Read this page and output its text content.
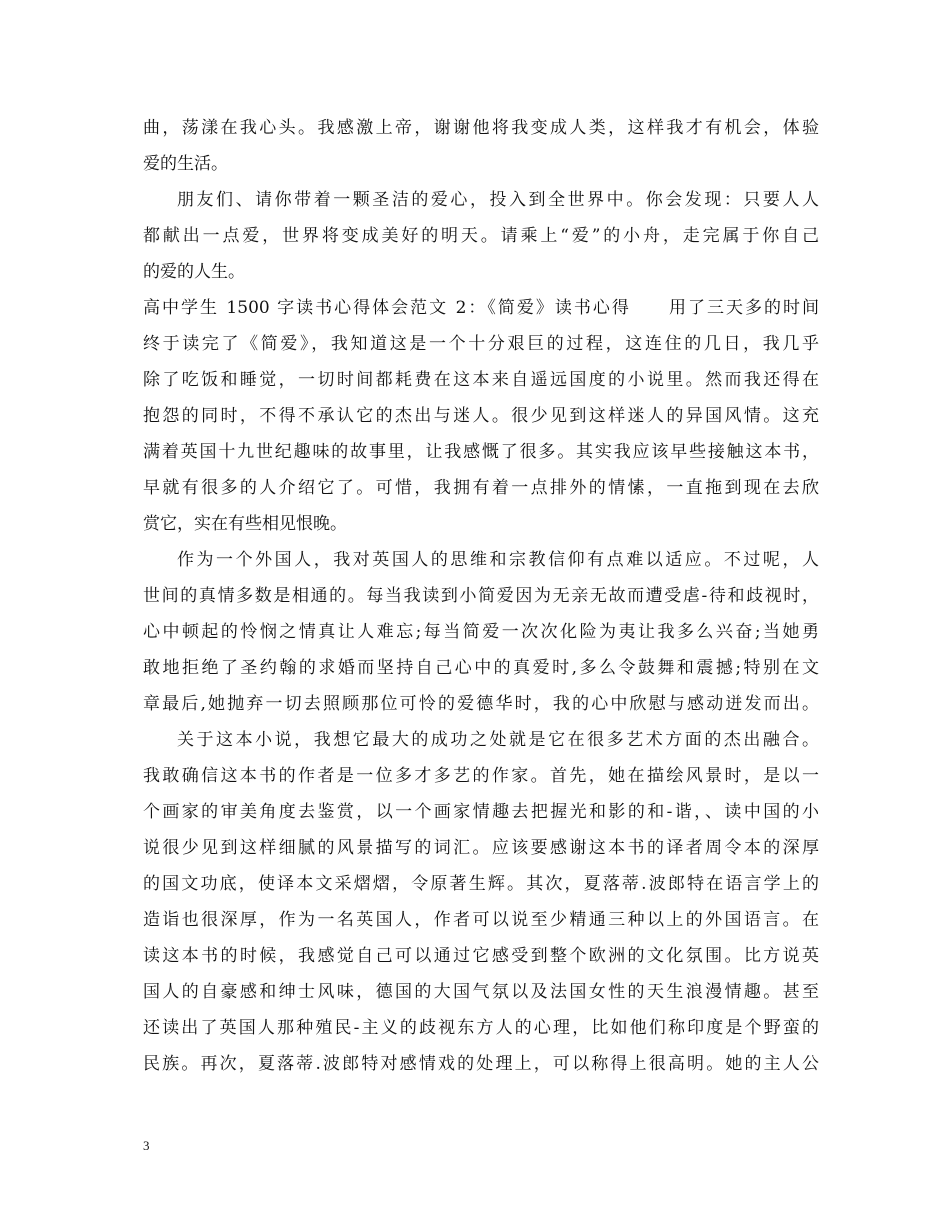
曲，荡漾在我心头。我感激上帝，谢谢他将我变成人类，这样我才有机会，体验
爱的生活。
朋友们、请你带着一颗圣洁的爱心，投入到全世界中。你会发现：只要人人
都献出一点爱，世界将变成美好的明天。请乘上“爱”的小舟，走完属于你自己
的爱的人生。
高中学生 1500 字读书心得体会范文 2：《简爱》读书心得　　用了三天多的时间
终于读完了《简爱》，我知道这是一个十分艰巨的过程，这连住的几日，我几乎
除了吃饭和睡觉，一切时间都耗费在这本来自遥远国度的小说里。然而我还得在
抱怨的同时，不得不承认它的杰出与迷人。很少见到这样迷人的异国风情。这充
满着英国十九世纪趣味的故事里，让我感慨了很多。其实我应该早些接触这本书，
早就有很多的人介绍它了。可惜，我拥有着一点排外的情愫，一直拖到现在去欣
赏它，实在有些相见恨晚。
作为一个外国人，我对英国人的思维和宗教信仰有点难以适应。不过呢，人
世间的真情多数是相通的。每当我读到小简爱因为无亲无故而遭受虐-待和歧视时，
心中顿起的怜悯之情真让人难忘;每当简爱一次次化险为夷让我多么兴奋;当她勇
敢地拒绝了圣约翰的求婚而坚持自己心中的真爱时,多么令鼓舞和震撼;特别在文
章最后,她抛弃一切去照顾那位可怜的爱德华时，我的心中欣慰与感动迸发而出。
关于这本小说，我想它最大的成功之处就是它在很多艺术方面的杰出融合。
我敢确信这本书的作者是一位多才多艺的作家。首先，她在描绘风景时，是以一
个画家的审美角度去鉴赏，以一个画家情趣去把握光和影的和-谐，、读中国的小
说很少见到这样细腻的风景描写的词汇。应该要感谢这本书的译者周令本的深厚
的国文功底，使译本文采熠熠，令原著生辉。其次，夏落蒂.波郎特在语言学上的
造诣也很深厚，作为一名英国人，作者可以说至少精通三种以上的外国语言。在
读这本书的时候，我感觉自己可以通过它感受到整个欧洲的文化氛围。比方说英
国人的自豪感和绅士风味，德国的大国气氛以及法国女性的天生浪漫情趣。甚至
还读出了英国人那种殖民-主义的歧视东方人的心理，比如他们称印度是个野蛮的
民族。再次，夏落蒂.波郎特对感情戏的处理上，可以称得上很高明。她的主人公
3
